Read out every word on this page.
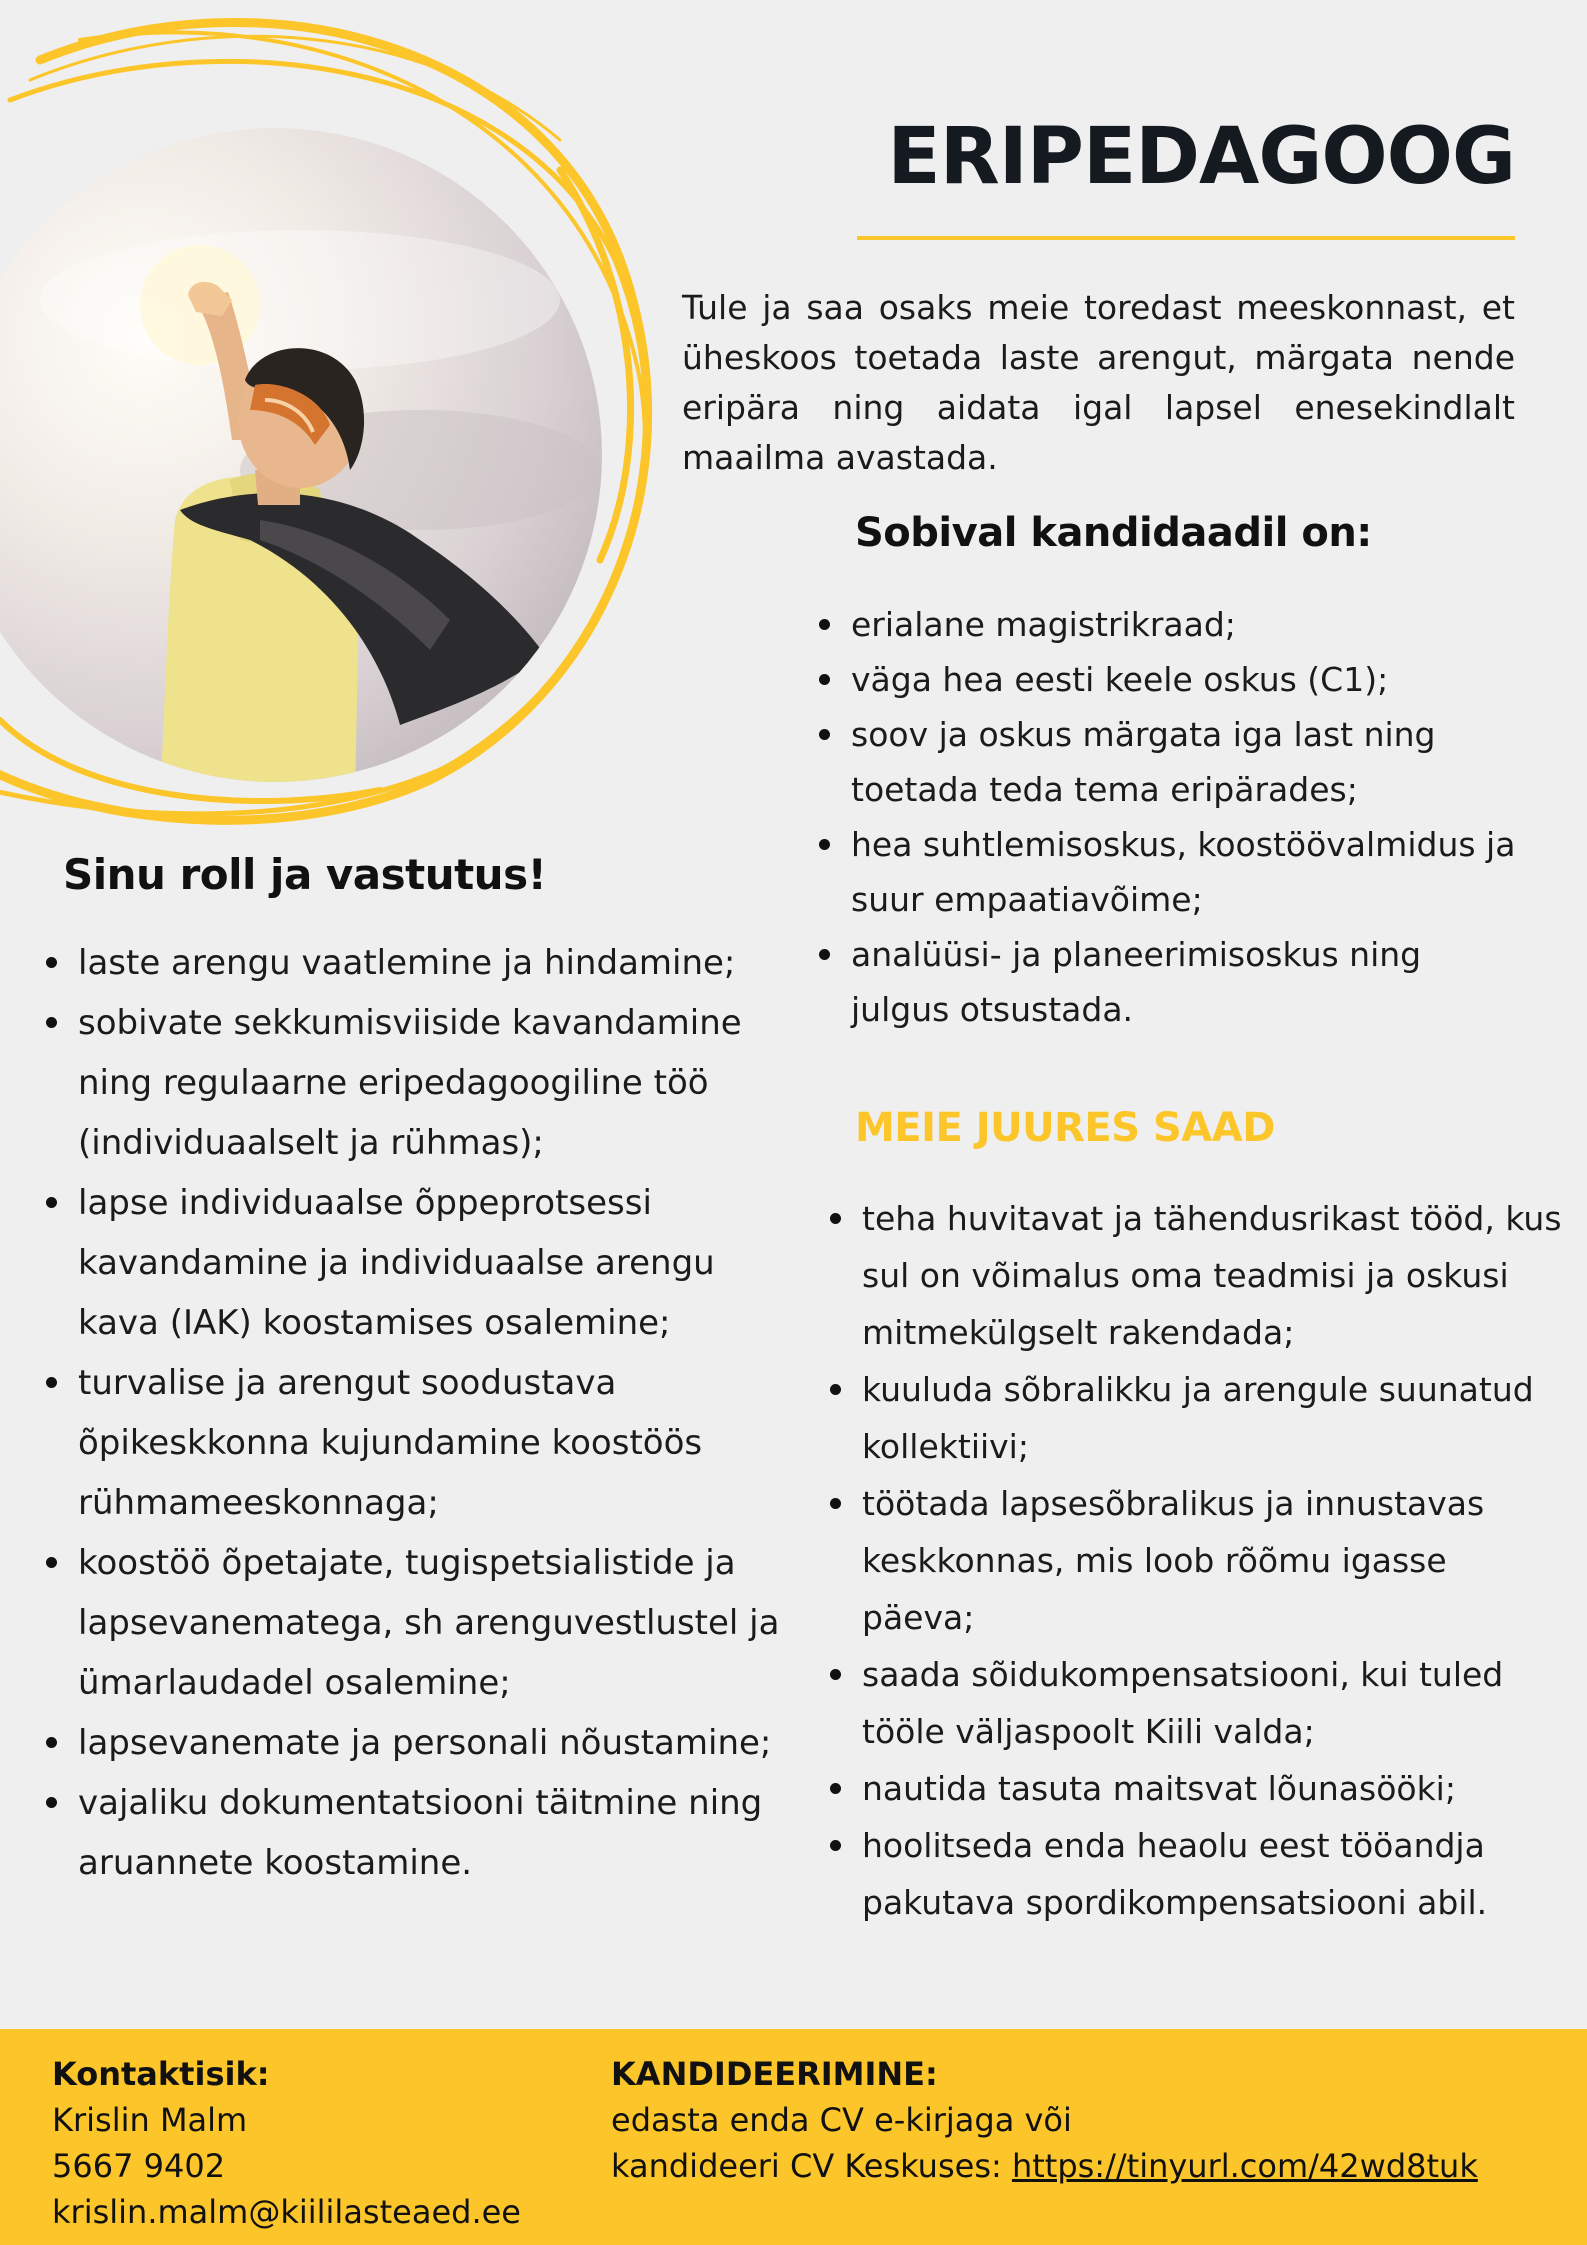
ERIPEDAGOOG

Tule ja saa osaks meie toredast meeskonnast, et üheskoos toetada laste arengut, märgata nende eripära ning aidata igal lapsel enesekindlalt maailma avastada.

Sobival kandidaadil on:
erialane magistrikraad;
väga hea eesti keele oskus (C1);
soov ja oskus märgata iga last ning toetada teda tema eripärades;
hea suhtlemisoskus, koostöövalmidus ja suur empaatiavõime;
analüüsi- ja planeerimisoskus ning julgus otsustada.
Sinu roll ja vastutus!
laste arengu vaatlemine ja hindamine;
sobivate sekkumisviiside kavandamine ning regulaarne eripedagoogiline töö (individuaalselt ja rühmas);
lapse individuaalse õppeprotsessi kavandamine ja individuaalse arengu kava (IAK) koostamises osalemine;
turvalise ja arengut soodustava õpikeskkonna kujundamine koostöös rühmameeskonnaga;
koostöö õpetajate, tugispetsialistide ja lapsevanematega, sh arenguvestlustel ja ümarlaudadel osalemine;
lapsevanemate ja personali nõustamine;
vajaliku dokumentatsiooni täitmine ning aruannete koostamine.
MEIE JUURES SAAD
teha huvitavat ja tähendusrikast tööd, kus sul on võimalus oma teadmisi ja oskusi mitmekülgselt rakendada;
kuuluda sõbralikku ja arengule suunatud kollektiivi;
töötada lapsesõbralikus ja innustavas keskkonnas, mis loob rõõmu igasse päeva;
saada sõidukompensatsiooni, kui tuled tööle väljaspoolt Kiili valda;
nautida tasuta maitsvat lõunasööki;
hoolitseda enda heaolu eest tööandja pakutava spordikompensatsiooni abil.
Kontaktisik:
Krislin Malm
5667 9402
krislin.malm@kiililasteaed.ee
KANDIDEERIMINE:
edasta enda CV e-kirjaga või
kandideeri CV Keskuses: https://tinyurl.com/42wd8tuk
